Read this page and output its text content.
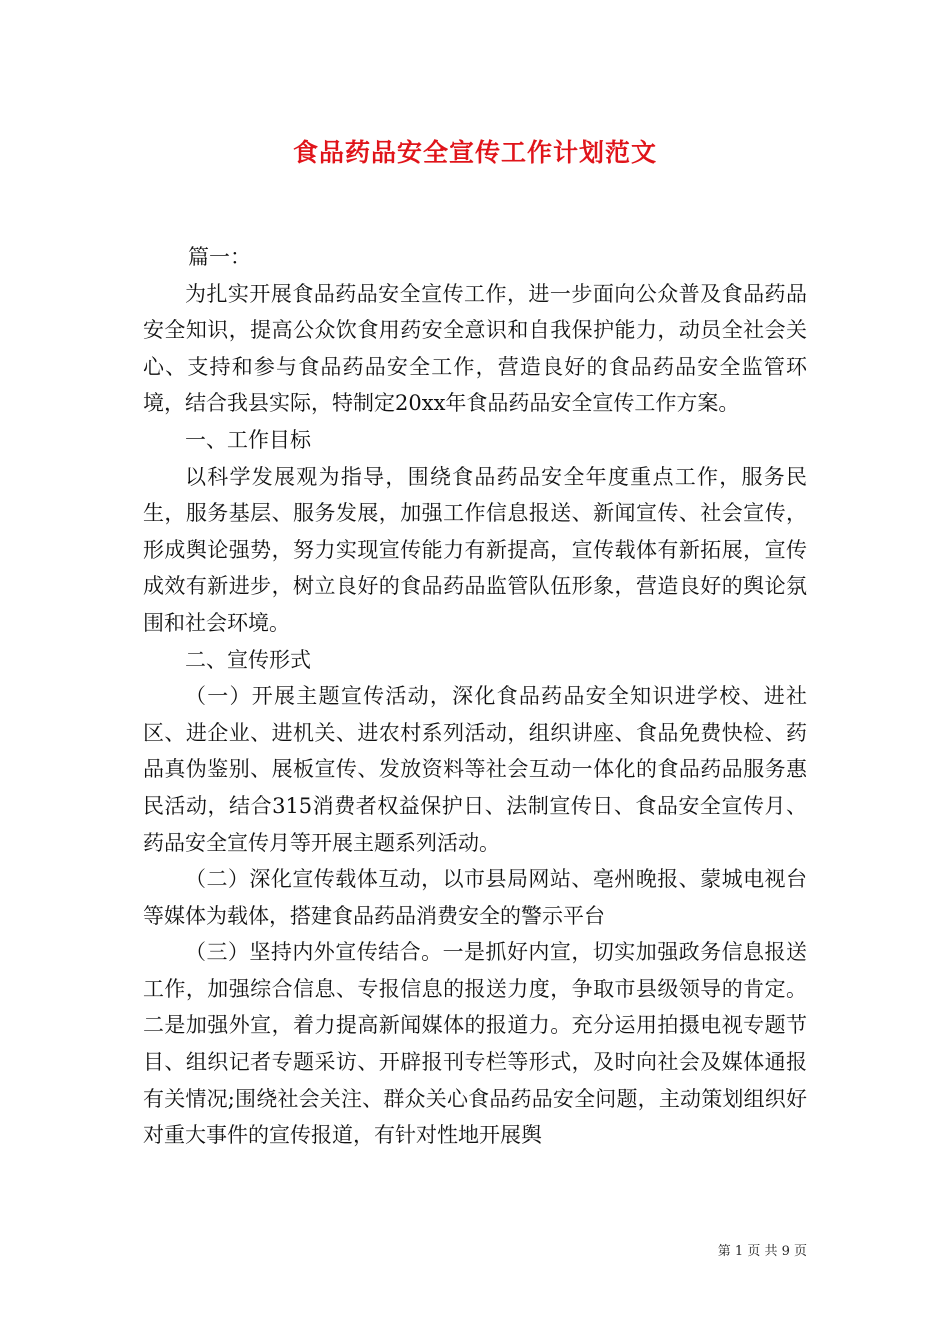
食品药品安全宣传工作计划范文

篇一：

为扎实开展食品药品安全宣传工作，进一步面向公众普及食品药品安全知识，提高公众饮食用药安全意识和自我保护能力，动员全社会关心、支持和参与食品药品安全工作，营造良好的食品药品安全监管环境，结合我县实际，特制定20xx年食品药品安全宣传工作方案。

一、工作目标

以科学发展观为指导，围绕食品药品安全年度重点工作，服务民生，服务基层、服务发展，加强工作信息报送、新闻宣传、社会宣传，形成舆论强势，努力实现宣传能力有新提高，宣传载体有新拓展，宣传成效有新进步，树立良好的食品药品监管队伍形象，营造良好的舆论氛围和社会环境。

二、宣传形式

（一）开展主题宣传活动，深化食品药品安全知识进学校、进社区、进企业、进机关、进农村系列活动，组织讲座、食品免费快检、药品真伪鉴别、展板宣传、发放资料等社会互动一体化的食品药品服务惠民活动，结合315消费者权益保护日、法制宣传日、食品安全宣传月、药品安全宣传月等开展主题系列活动。

（二）深化宣传载体互动，以市县局网站、亳州晚报、蒙城电视台等媒体为载体，搭建食品药品消费安全的警示平台

（三）坚持内外宣传结合。一是抓好内宣，切实加强政务信息报送工作，加强综合信息、专报信息的报送力度，争取市县级领导的肯定。二是加强外宣，着力提高新闻媒体的报道力。充分运用拍摄电视专题节目、组织记者专题采访、开辟报刊专栏等形式，及时向社会及媒体通报有关情况;围绕社会关注、群众关心食品药品安全问题，主动策划组织好对重大事件的宣传报道，有针对性地开展舆

第 1 页 共 9 页
